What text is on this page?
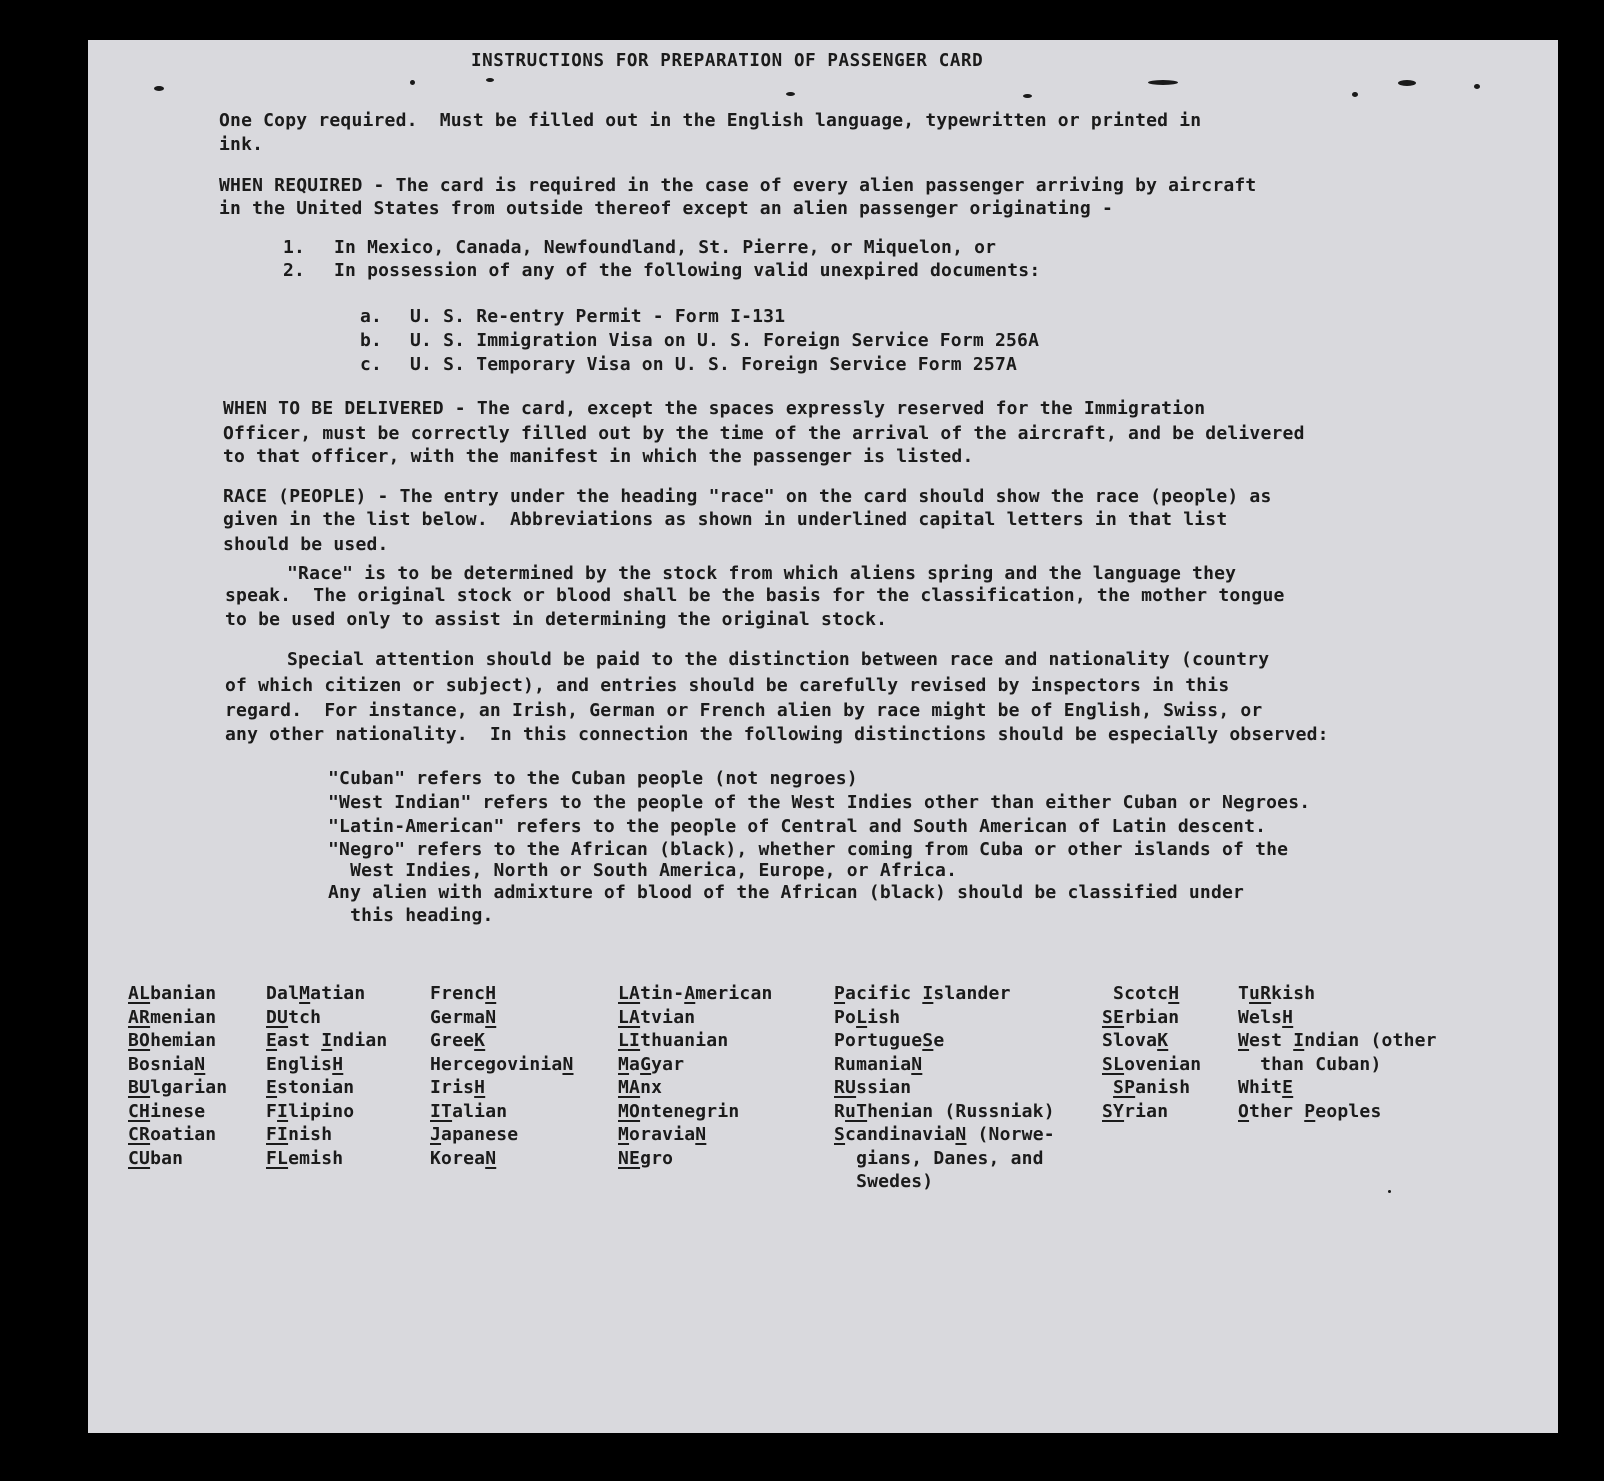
INSTRUCTIONS FOR PREPARATION OF PASSENGER CARD
One Copy required.  Must be filled out in the English language, typewritten or printed in
ink.
WHEN REQUIRED - The card is required in the case of every alien passenger arriving by aircraft
in the United States from outside thereof except an alien passenger originating -
1. In Mexico, Canada, Newfoundland, St. Pierre, or Miquelon, or
2. In possession of any of the following valid unexpired documents:
a. U. S. Re-entry Permit - Form I-131
b. U. S. Immigration Visa on U. S. Foreign Service Form 256A
c. U. S. Temporary Visa on U. S. Foreign Service Form 257A
WHEN TO BE DELIVERED - The card, except the spaces expressly reserved for the Immigration
Officer, must be correctly filled out by the time of the arrival of the aircraft, and be delivered
to that officer, with the manifest in which the passenger is listed.
RACE (PEOPLE) - The entry under the heading "race" on the card should show the race (people) as
given in the list below.  Abbreviations as shown in underlined capital letters in that list
should be used.
"Race" is to be determined by the stock from which aliens spring and the language they
speak.  The original stock or blood shall be the basis for the classification, the mother tongue
to be used only to assist in determining the original stock.
Special attention should be paid to the distinction between race and nationality (country
of which citizen or subject), and entries should be carefully revised by inspectors in this
regard.  For instance, an Irish, German or French alien by race might be of English, Swiss, or
any other nationality.  In this connection the following distinctions should be especially observed:
"Cuban" refers to the Cuban people (not negroes)
"West Indian" refers to the people of the West Indies other than either Cuban or Negroes.
"Latin-American" refers to the people of Central and South American of Latin descent.
"Negro" refers to the African (black), whether coming from Cuba or other islands of the
West Indies, North or South America, Europe, or Africa.
Any alien with admixture of blood of the African (black) should be classified under
this heading.
ALbanian
ARmenian
BOhemian
BosniaN
BUlgarian
CHinese
CRoatian
CUban
DalMatian
DUtch
East Indian
EnglisH
Estonian
FIlipino
FInish
FLemish
FrencH
GermaN
GreeK
HercegoviniaN
IrisH
ITalian
Japanese
KoreaN
LAtin-American
LAtvian
LIthuanian
MaGyar
MAnx
MOntenegrin
MoraviaN
NEgro
Pacific Islander
PoLish
PortugueSe
RumaniaN
RUssian
RuThenian (Russniak)
ScandinaviaN (Norwe-
gians, Danes, and
Swedes)
ScotcH
SErbian
SlovaK
SLovenian
SPanish
SYrian
TuRkish
WelsH
West Indian (other
than Cuban)
WhitE
Other Peoples
